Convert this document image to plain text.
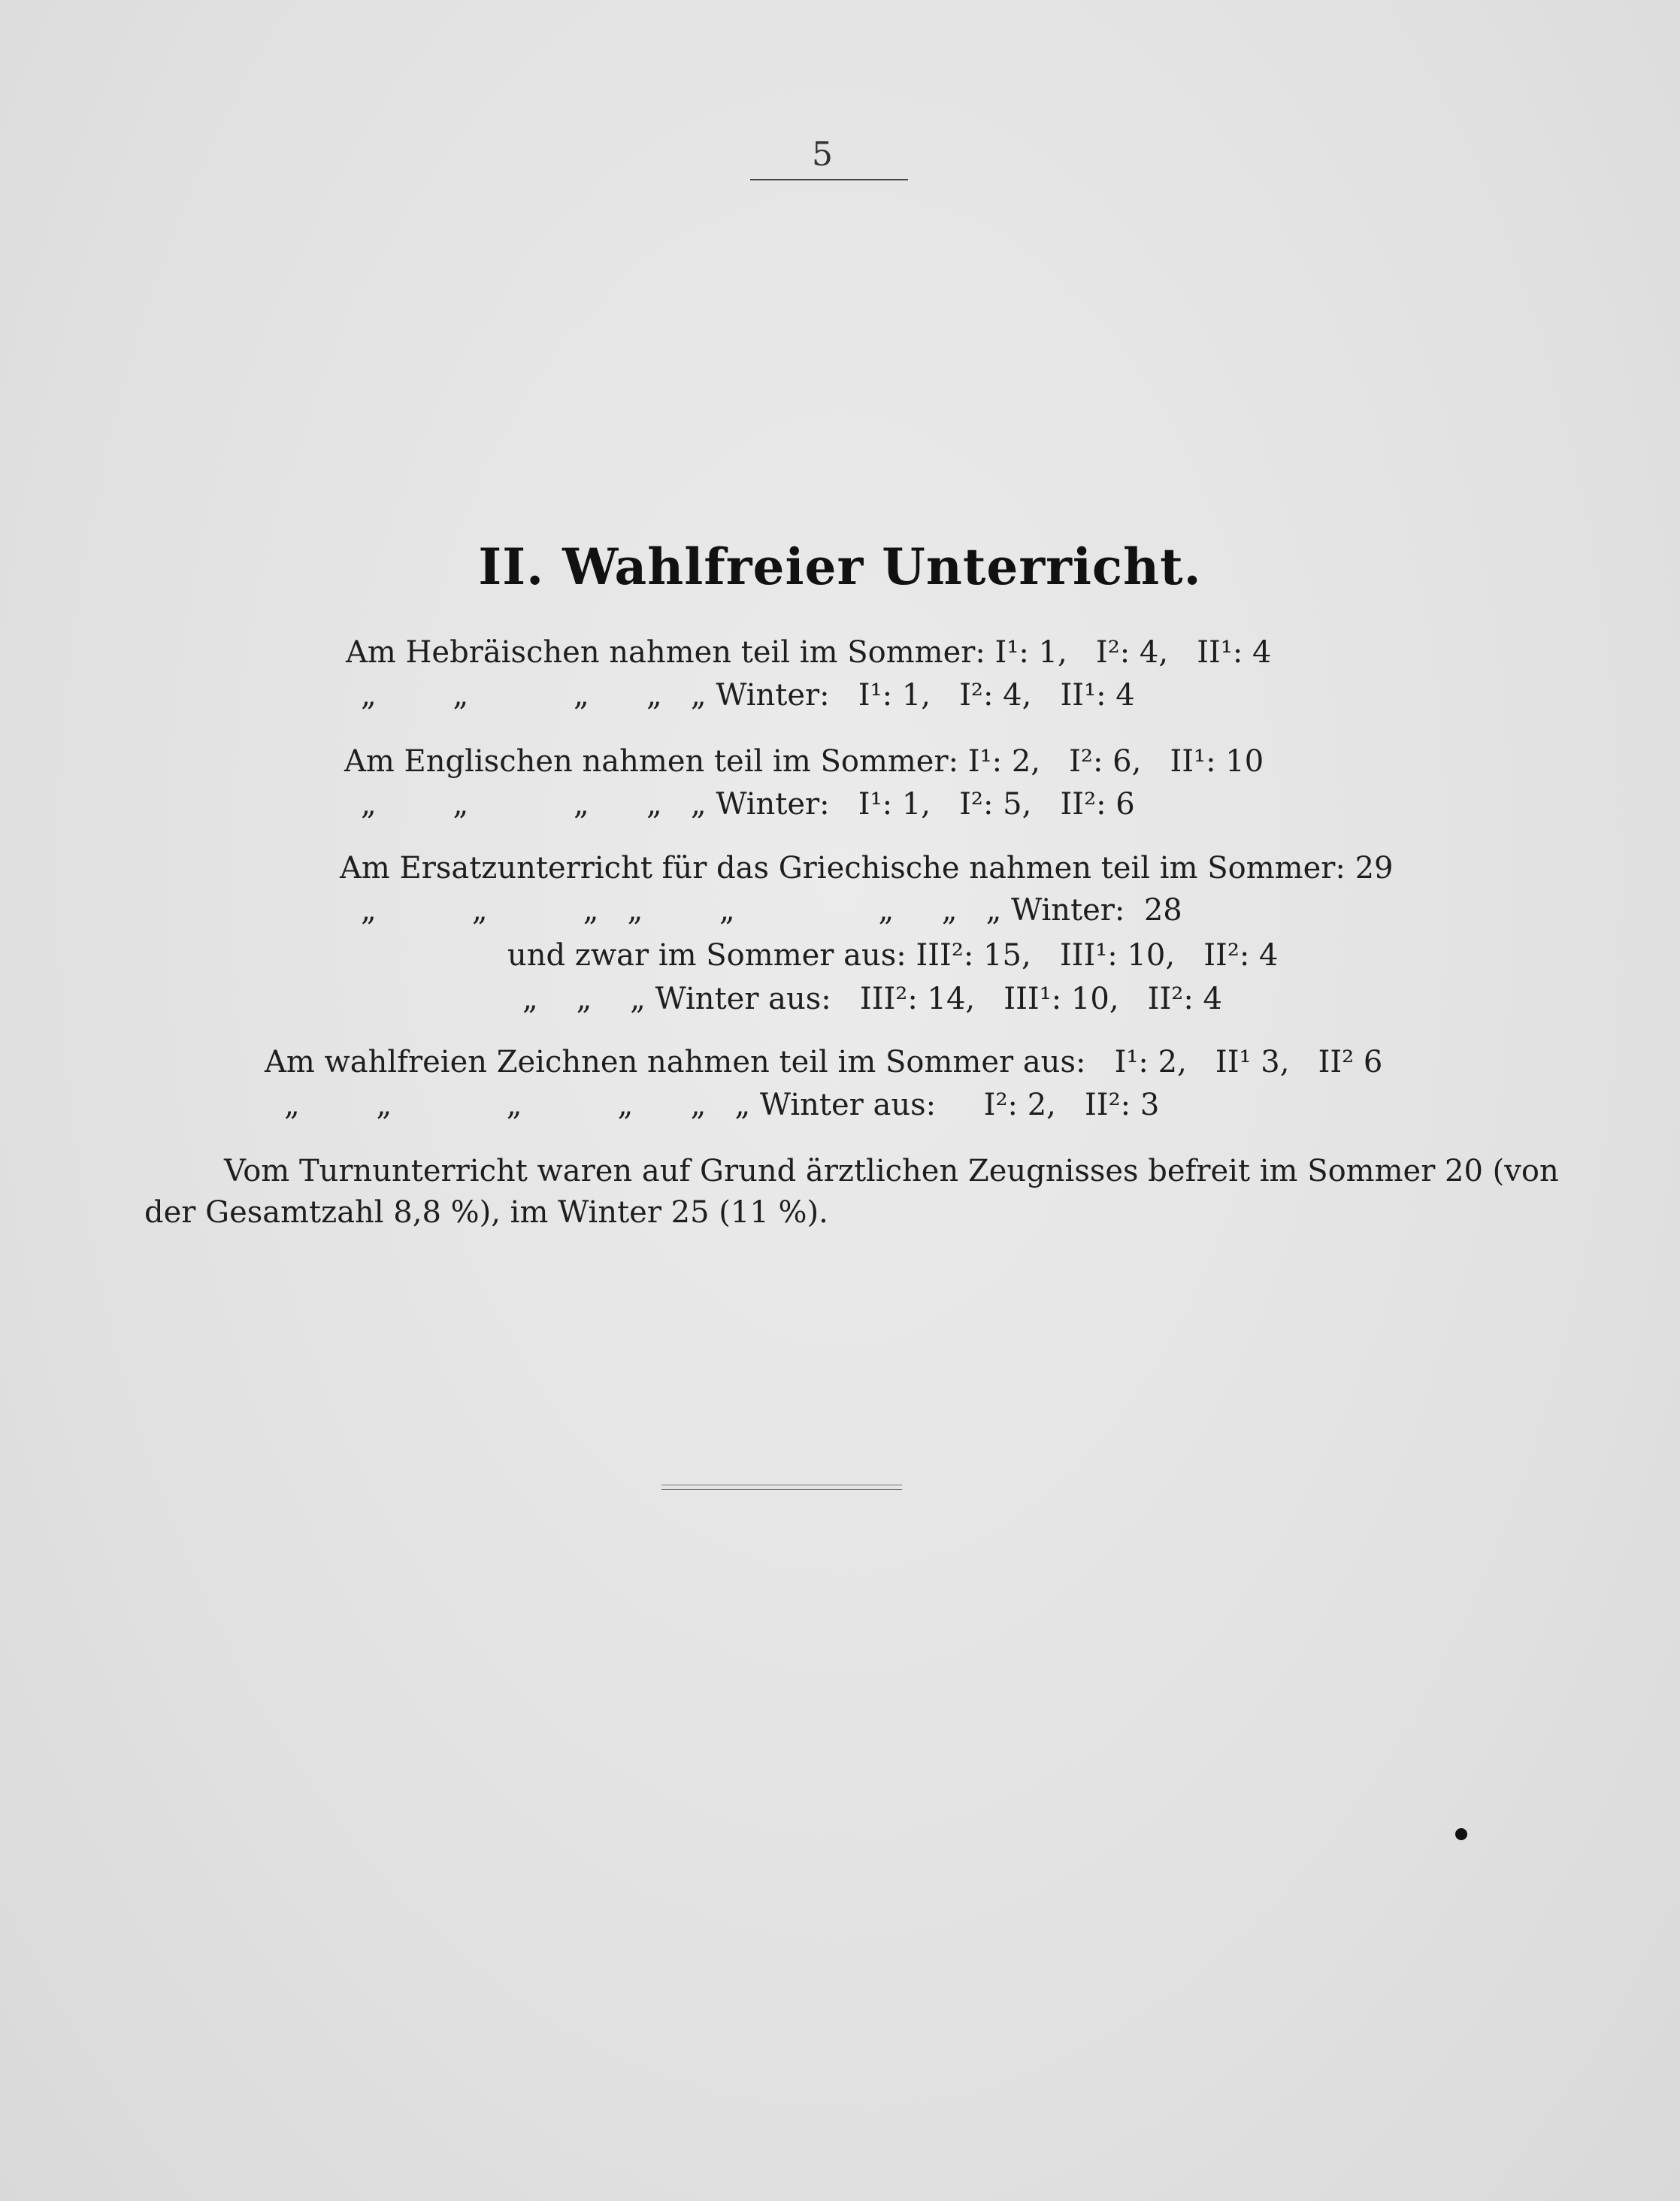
5
II. Wahlfreier Unterricht.
Am Hebräischen nahmen teil im Sommer: I¹: 1,   I²: 4,   II¹: 4
„        „           „      „   „ Winter:   I¹: 1,   I²: 4,   II¹: 4
Am Englischen nahmen teil im Sommer: I¹: 2,   I²: 6,   II¹: 10
„        „           „      „   „ Winter:   I¹: 1,   I²: 5,   II²: 6
Am Ersatzunterricht für das Griechische nahmen teil im Sommer: 29
„          „          „   „        „               „     „   „ Winter:  28
und zwar im Sommer aus: III²: 15,   III¹: 10,   II²: 4
„    „    „ Winter aus:   III²: 14,   III¹: 10,   II²: 4
Am wahlfreien Zeichnen nahmen teil im Sommer aus:   I¹: 2,   II¹ 3,   II² 6
„        „            „          „      „   „ Winter aus:     I²: 2,   II²: 3
Vom Turnunterricht waren auf Grund ärztlichen Zeugnisses befreit im Sommer 20 (von
der Gesamtzahl 8,8 %), im Winter 25 (11 %).
